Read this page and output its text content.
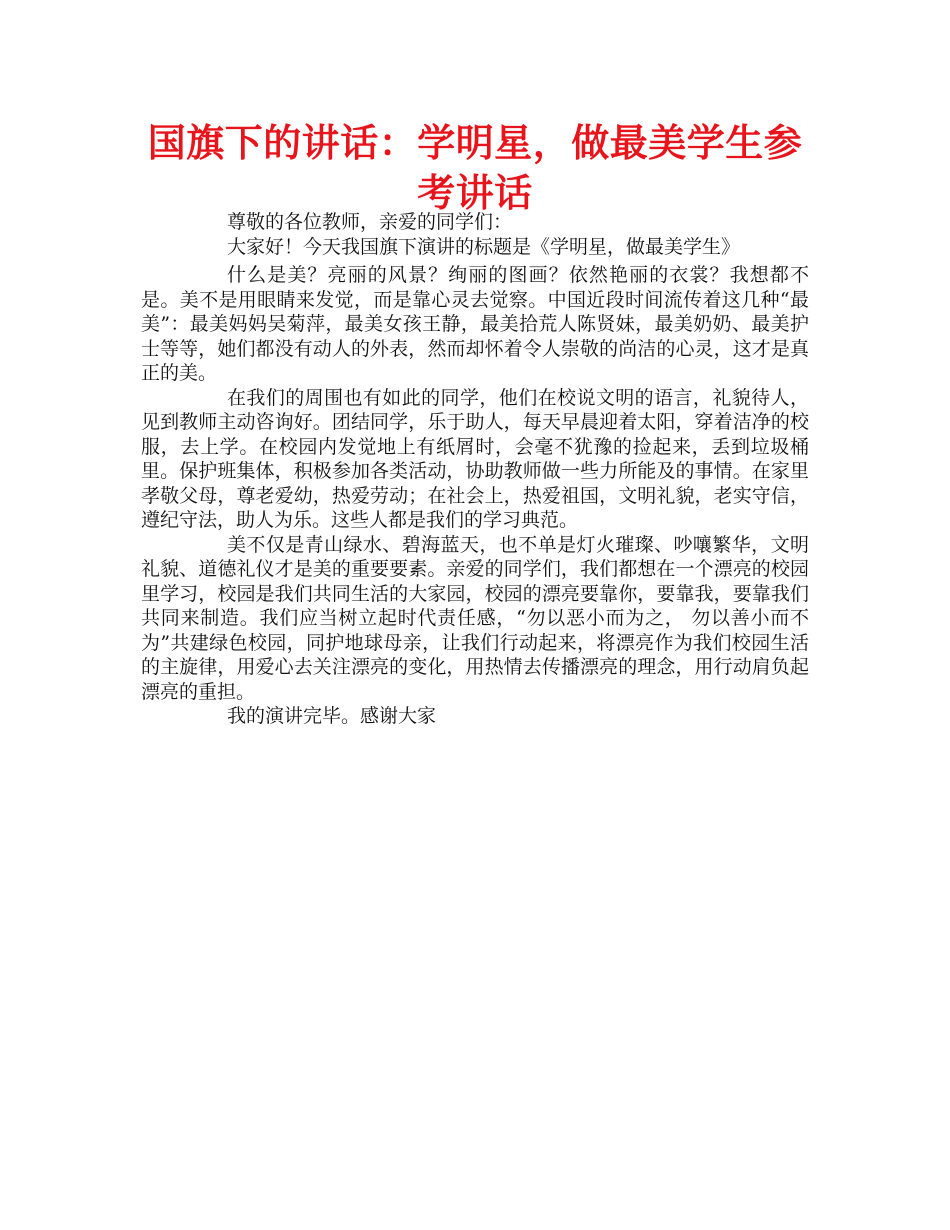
国旗下的讲话：学明星，做最美学生参考讲话

尊敬的各位教师，亲爱的同学们：

大家好！今天我国旗下演讲的标题是《学明星，做最美学生》

什么是美？亮丽的风景？绚丽的图画？依然艳丽的衣裳？我想都不是。美不是用眼睛来发觉，而是靠心灵去觉察。中国近段时间流传着这几种“最美”：最美妈妈吴菊萍，最美女孩王静，最美拾荒人陈贤妹，最美奶奶、最美护士等等，她们都没有动人的外表，然而却怀着令人崇敬的尚洁的心灵，这才是真正的美。

在我们的周围也有如此的同学，他们在校说文明的语言，礼貌待人，见到教师主动咨询好。团结同学，乐于助人，每天早晨迎着太阳，穿着洁净的校服，去上学。在校园内发觉地上有纸屑时，会毫不犹豫的捡起来，丢到垃圾桶里。保护班集体，积极参加各类活动，协助教师做一些力所能及的事情。在家里孝敬父母，尊老爱幼，热爱劳动；在社会上，热爱祖国，文明礼貌，老实守信，遵纪守法，助人为乐。这些人都是我们的学习典范。

美不仅是青山绿水、碧海蓝天，也不单是灯火璀璨、吵嚷繁华，文明礼貌、道德礼仪才是美的重要要素。亲爱的同学们，我们都想在一个漂亮的校园里学习，校园是我们共同生活的大家园，校园的漂亮要靠你，要靠我，要靠我们共同来制造。我们应当树立起时代责任感，“勿以恶小而为之， 勿以善小而不为”共建绿色校园，同护地球母亲，让我们行动起来，将漂亮作为我们校园生活的主旋律，用爱心去关注漂亮的变化，用热情去传播漂亮的理念，用行动肩负起漂亮的重担。

我的演讲完毕。感谢大家
